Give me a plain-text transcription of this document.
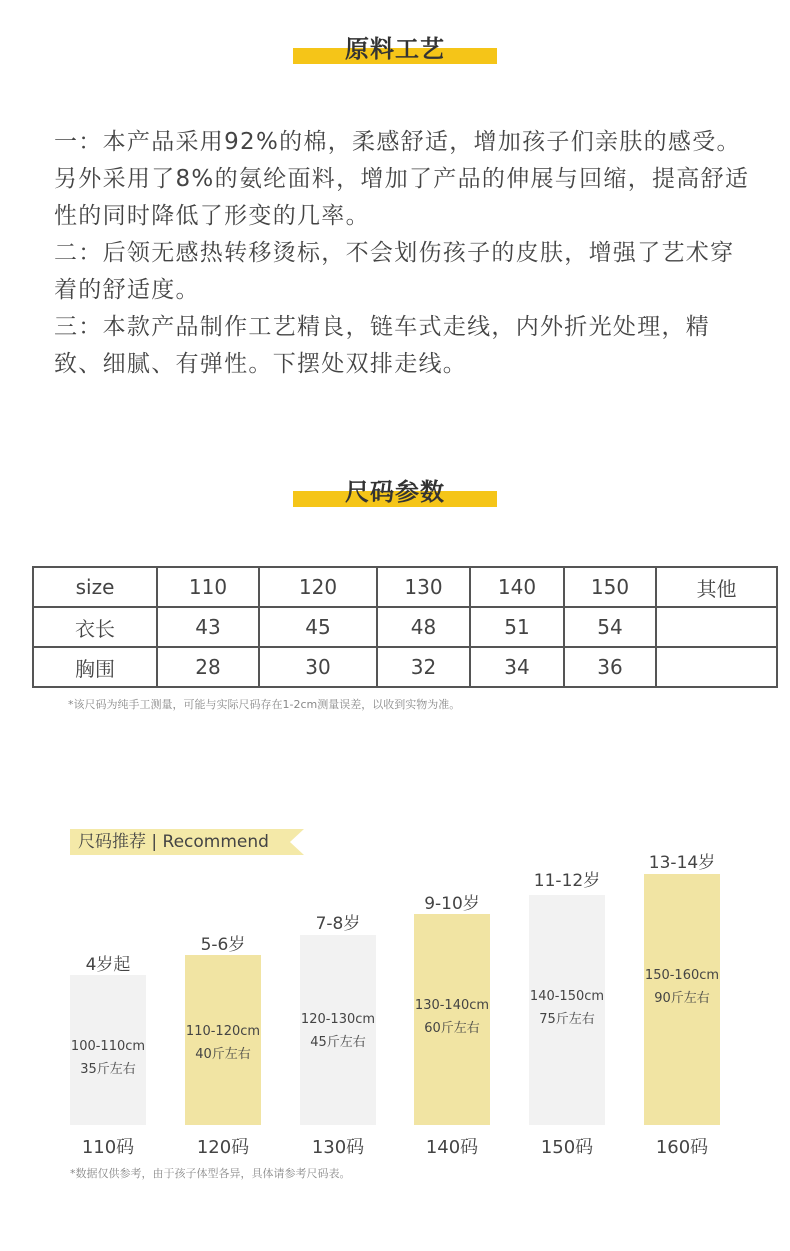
原料工艺

一：本产品采用92%的棉，柔感舒适，增加孩子们亲肤的感受。另外采用了8%的氨纶面料，增加了产品的伸展与回缩，提高舒适性的同时降低了形变的几率。

二：后领无感热转移烫标，不会划伤孩子的皮肤，增强了艺术穿着的舒适度。

三：本款产品制作工艺精良，链车式走线，内外折光处理，精致、细腻、有弹性。下摆处双排走线。

尺码参数
size	110	120	130	140	150	其他
衣长	43	45	48	51	54	
胸围	28	30	32	34	36	
*该尺码为纯手工测量，可能与实际尺码存在1-2cm测量误差，以收到实物为准。
尺码推荐 | Recommend
4岁起
100-110cm
35斤左右
110码
5-6岁
110-120cm
40斤左右
120码
7-8岁
120-130cm
45斤左右
130码
9-10岁
130-140cm
60斤左右
140码
11-12岁
140-150cm
75斤左右
150码
13-14岁
150-160cm
90斤左右
160码
*数据仅供参考，由于孩子体型各异，具体请参考尺码表。
